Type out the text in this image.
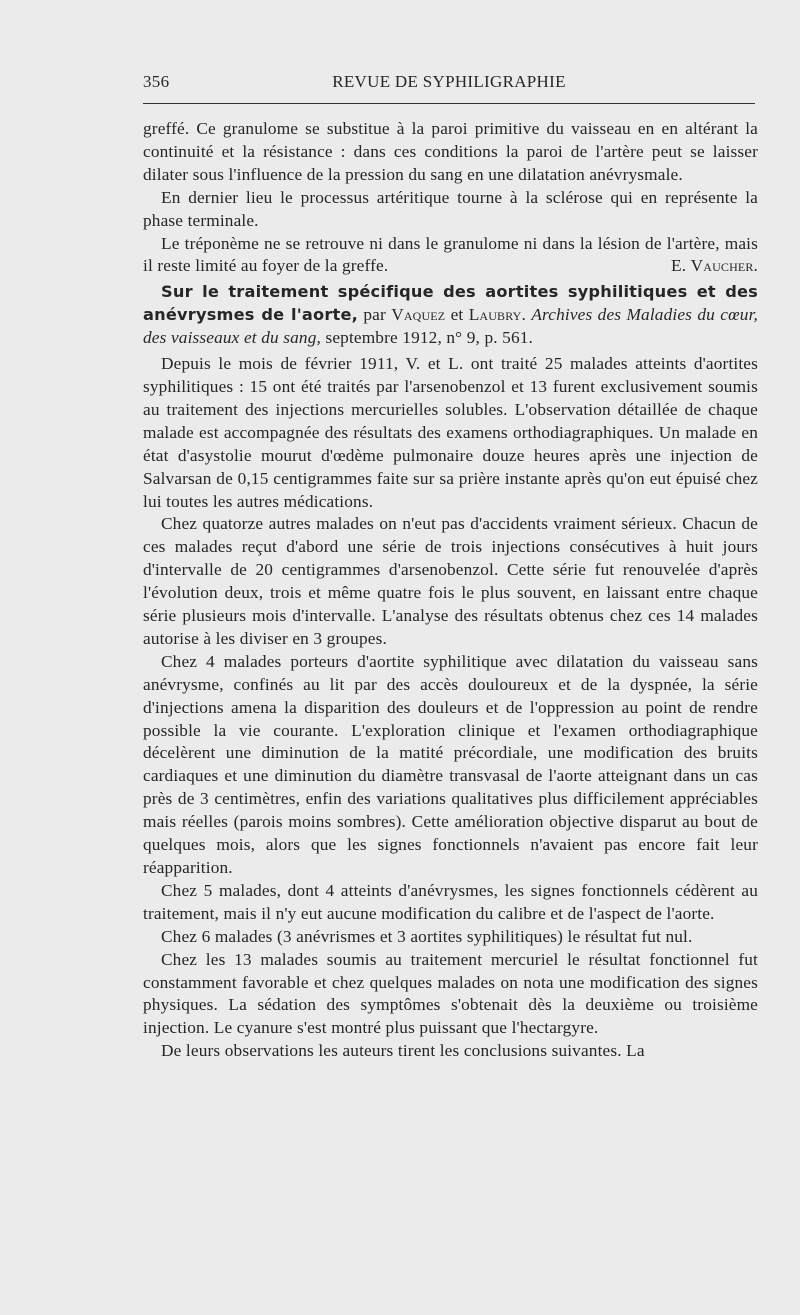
356	REVUE DE SYPHILIGRAPHIE

greffé. Ce granulome se substitue à la paroi primitive du vaisseau en en altérant la continuité et la résistance : dans ces conditions la paroi de l'artère peut se laisser dilater sous l'influence de la pression du sang en une dilatation anévrysmale.

En dernier lieu le processus artéritique tourne à la sclérose qui en représente la phase terminale.

Le tréponème ne se retrouve ni dans le granulome ni dans la lésion de l'artère, mais il reste limité au foyer de la greffe.	E. Vaucher.

Sur le traitement spécifique des aortites syphilitiques et des anévrysmes de l'aorte, par Vaquez et Laubry. Archives des Maladies du cœur, des vaisseaux et du sang, septembre 1912, n° 9, p. 561.

Depuis le mois de février 1911, V. et L. ont traité 25 malades atteints d'aortites syphilitiques : 15 ont été traités par l'arsenobenzol et 13 furent exclusivement soumis au traitement des injections mercurielles solubles. L'observation détaillée de chaque malade est accompagnée des résultats des examens orthodiagraphiques. Un malade en état d'asystolie mourut d'œdème pulmonaire douze heures après une injection de Salvarsan de 0,15 centigrammes faite sur sa prière instante après qu'on eut épuisé chez lui toutes les autres médications.

Chez quatorze autres malades on n'eut pas d'accidents vraiment sérieux. Chacun de ces malades reçut d'abord une série de trois injections consécutives à huit jours d'intervalle de 20 centigrammes d'arsenobenzol. Cette série fut renouvelée d'après l'évolution deux, trois et même quatre fois le plus souvent, en laissant entre chaque série plusieurs mois d'intervalle. L'analyse des résultats obtenus chez ces 14 malades autorise à les diviser en 3 groupes.

Chez 4 malades porteurs d'aortite syphilitique avec dilatation du vaisseau sans anévrysme, confinés au lit par des accès douloureux et de la dyspnée, la série d'injections amena la disparition des douleurs et de l'oppression au point de rendre possible la vie courante. L'exploration clinique et l'examen orthodiagraphique décelèrent une diminution de la matité précordiale, une modification des bruits cardiaques et une diminution du diamètre transvasal de l'aorte atteignant dans un cas près de 3 centimètres, enfin des variations qualitatives plus difficilement appréciables mais réelles (parois moins sombres). Cette amélioration objective disparut au bout de quelques mois, alors que les signes fonctionnels n'avaient pas encore fait leur réapparition.

Chez 5 malades, dont 4 atteints d'anévrysmes, les signes fonctionnels cédèrent au traitement, mais il n'y eut aucune modification du calibre et de l'aspect de l'aorte.

Chez 6 malades (3 anévrismes et 3 aortites syphilitiques) le résultat fut nul.

Chez les 13 malades soumis au traitement mercuriel le résultat fonctionnel fut constamment favorable et chez quelques malades on nota une modification des signes physiques. La sédation des symptômes s'obtenait dès la deuxième ou troisième injection. Le cyanure s'est montré plus puissant que l'hectargyre.

De leurs observations les auteurs tirent les conclusions suivantes. La
